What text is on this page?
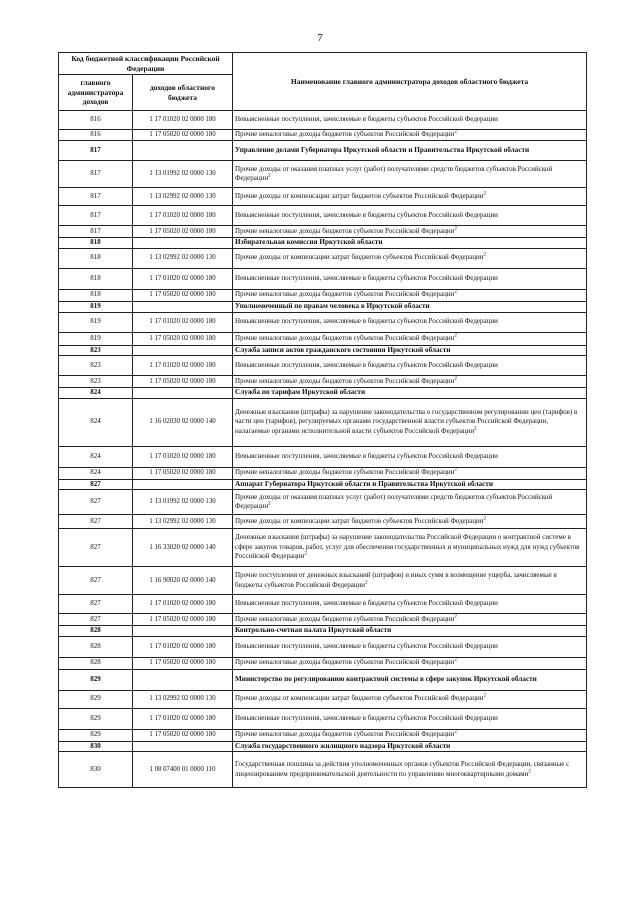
7
Код бюджетной классификации Российской Федерации		Наименование главного администратора доходов областного бюджета
главного администратора доходов	доходов областного бюджета	
816	1 17 01020 02 0000 180	Невыясненные поступления, зачисляемые в бюджеты субъектов Российской Федерации
816	1 17 05020 02 0000 180	Прочие неналоговые доходы бюджетов субъектов Российской Федерации$^2$
817		Управление делами Губернатора Иркутской области и Правительства Иркутской области
817	1 13 01992 02 0000 130	Прочие доходы от оказания платных услуг (работ) получателями средств бюджетов субъектов Российской Федерации$^2$
817	1 13 02992 02 0000 130	Прочие доходы от компенсации затрат бюджетов субъектов Российской Федерации$^2$
817	1 17 01020 02 0000 180	Невыясненные поступления, зачисляемые в бюджеты субъектов Российской Федерации
817	1 17 05020 02 0000 180	Прочие неналоговые доходы бюджетов субъектов Российской Федерации$^2$
818		Избирательная комиссия Иркутской области
818	1 13 02992 02 0000 130	Прочие доходы от компенсации затрат бюджетов субъектов Российской Федерации$^2$
818	1 17 01020 02 0000 180	Невыясненные поступления, зачисляемые в бюджеты субъектов Российской Федерации
818	1 17 05020 02 0000 180	Прочие неналоговые доходы бюджетов субъектов Российской Федерации$^2$
819		Уполномоченный по правам человека в Иркутской области
819	1 17 01020 02 0000 180	Невыясненные поступления, зачисляемые в бюджеты субъектов Российской Федерации
819	1 17 05020 02 0000 180	Прочие неналоговые доходы бюджетов субъектов Российской Федерации$^2$
823		Служба записи актов гражданского состояния Иркутской области
823	1 17 01020 02 0000 180	Невыясненные поступления, зачисляемые в бюджеты субъектов Российской Федерации
823	1 17 05020 02 0000 180	Прочие неналоговые доходы бюджетов субъектов Российской Федерации$^2$
824		Служба по тарифам Иркутской области
824	1 16 02030 02 0000 140	Денежные взыскания (штрафы) за нарушение законодательства о государственном регулировании цен (тарифов) в части цен (тарифов), регулируемых органами государственной власти субъектов Российской Федерации, налагаемые органами исполнительной власти субъектов Российской Федерации$^2$
824	1 17 01020 02 0000 180	Невыясненные поступления, зачисляемые в бюджеты субъектов Российской Федерации
824	1 17 05020 02 0000 180	Прочие неналоговые доходы бюджетов субъектов Российской Федерации$^2$
827		Аппарат Губернатора Иркутской области и Правительства Иркутской области
827	1 13 01992 02 0000 130	Прочие доходы от оказания платных услуг (работ) получателями средств бюджетов субъектов Российской Федерации$^2$
827	1 13 02992 02 0000 130	Прочие доходы от компенсации затрат бюджетов субъектов Российской Федерации$^2$
827	1 16 33020 02 0000 140	Денежные взыскания (штрафы) за нарушение законодательства Российской Федерации о контрактной системе в сфере закупок товаров, работ, услуг для обеспечения государственных и муниципальных нужд для нужд субъектов Российской Федерации$^2$
827	1 16 90020 02 0000 140	Прочие поступления от денежных взысканий (штрафов) и иных сумм в возмещение ущерба, зачисляемые в бюджеты субъектов Российской Федерации$^2$
827	1 17 01020 02 0000 180	Невыясненные поступления, зачисляемые в бюджеты субъектов Российской Федерации
827	1 17 05020 02 0000 180	Прочие неналоговые доходы бюджетов субъектов Российской Федерации$^2$
828		Контрольно-счетная палата Иркутской области
828	1 17 01020 02 0000 180	Невыясненные поступления, зачисляемые в бюджеты субъектов Российской Федерации
828	1 17 05020 02 0000 180	Прочие неналоговые доходы бюджетов субъектов Российской Федерации$^2$
829		Министерство по регулированию контрактной системы в сфере закупок Иркутской области
829	1 13 02992 02 0000 130	Прочие доходы от компенсации затрат бюджетов субъектов Российской Федерации$^2$
829	1 17 01020 02 0000 180	Невыясненные поступления, зачисляемые в бюджеты субъектов Российской Федерации
829	1 17 05020 02 0000 180	Прочие неналоговые доходы бюджетов субъектов Российской Федерации$^2$
830		Служба государственного жилищного надзора Иркутской области
830	1 08 07400 01 0000 110	Государственная пошлина за действия уполномоченных органов субъектов Российской Федерации, связанные с лицензированием предпринимательской деятельности по управлению многоквартирными домами$^2$
